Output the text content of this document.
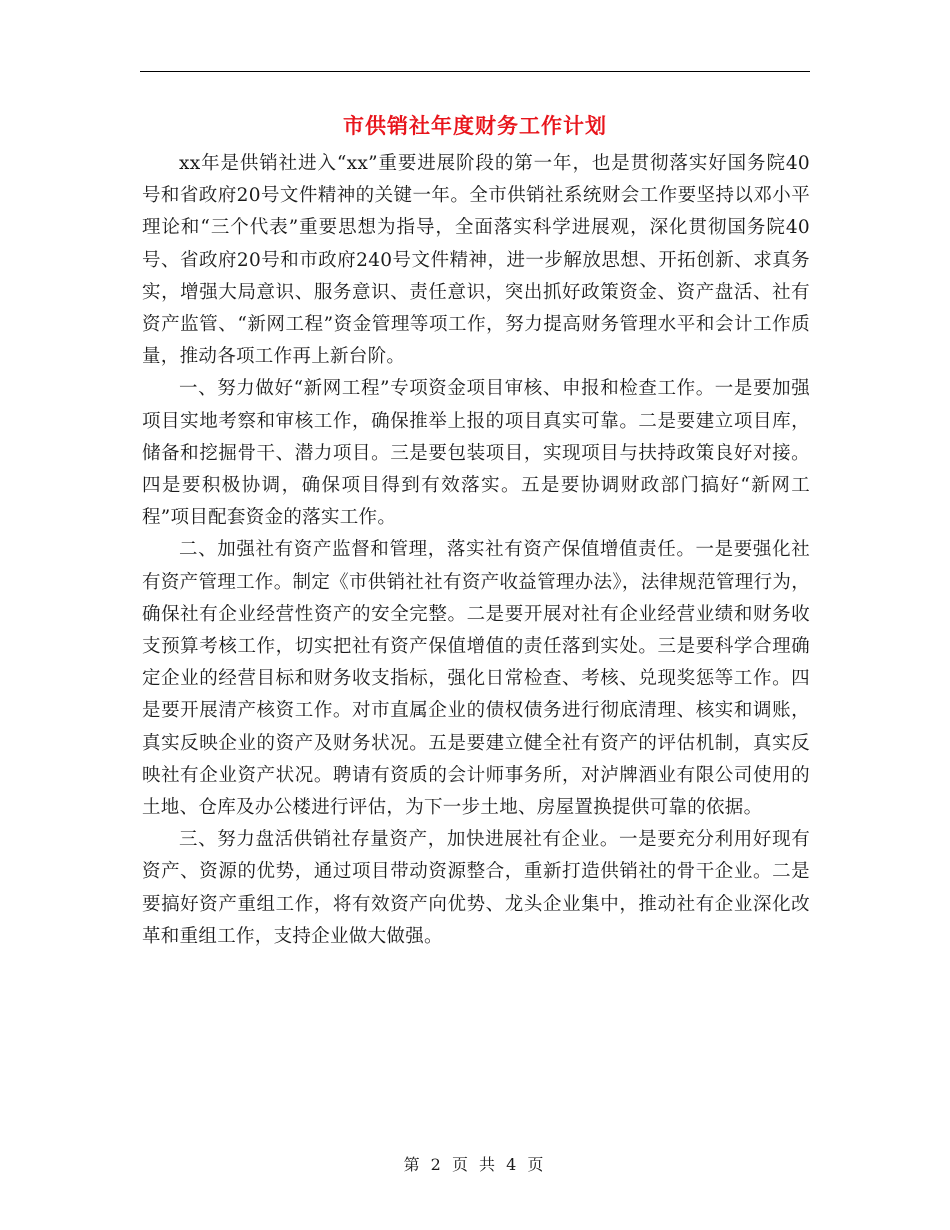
市供销社年度财务工作计划

xx年是供销社进入“xx”重要进展阶段的第一年，也是贯彻落实好国务院40号和省政府20号文件精神的关键一年。全市供销社系统财会工作要坚持以邓小平理论和“三个代表”重要思想为指导，全面落实科学进展观，深化贯彻国务院40号、省政府20号和市政府240号文件精神，进一步解放思想、开拓创新、求真务实，增强大局意识、服务意识、责任意识，突出抓好政策资金、资产盘活、社有资产监管、“新网工程”资金管理等项工作，努力提高财务管理水平和会计工作质量，推动各项工作再上新台阶。

一、努力做好“新网工程”专项资金项目审核、申报和检查工作。一是要加强项目实地考察和审核工作，确保推举上报的项目真实可靠。二是要建立项目库，储备和挖掘骨干、潜力项目。三是要包装项目，实现项目与扶持政策良好对接。四是要积极协调，确保项目得到有效落实。五是要协调财政部门搞好“新网工程”项目配套资金的落实工作。

二、加强社有资产监督和管理，落实社有资产保值增值责任。一是要强化社有资产管理工作。制定《市供销社社有资产收益管理办法》，法律规范管理行为，确保社有企业经营性资产的安全完整。二是要开展对社有企业经营业绩和财务收支预算考核工作，切实把社有资产保值增值的责任落到实处。三是要科学合理确定企业的经营目标和财务收支指标，强化日常检查、考核、兑现奖惩等工作。四是要开展清产核资工作。对市直属企业的债权债务进行彻底清理、核实和调账，真实反映企业的资产及财务状况。五是要建立健全社有资产的评估机制，真实反映社有企业资产状况。聘请有资质的会计师事务所，对泸牌酒业有限公司使用的土地、仓库及办公楼进行评估，为下一步土地、房屋置换提供可靠的依据。

三、努力盘活供销社存量资产，加快进展社有企业。一是要充分利用好现有资产、资源的优势，通过项目带动资源整合，重新打造供销社的骨干企业。二是要搞好资产重组工作，将有效资产向优势、龙头企业集中，推动社有企业深化改革和重组工作，支持企业做大做强。

第 2 页 共 4 页
